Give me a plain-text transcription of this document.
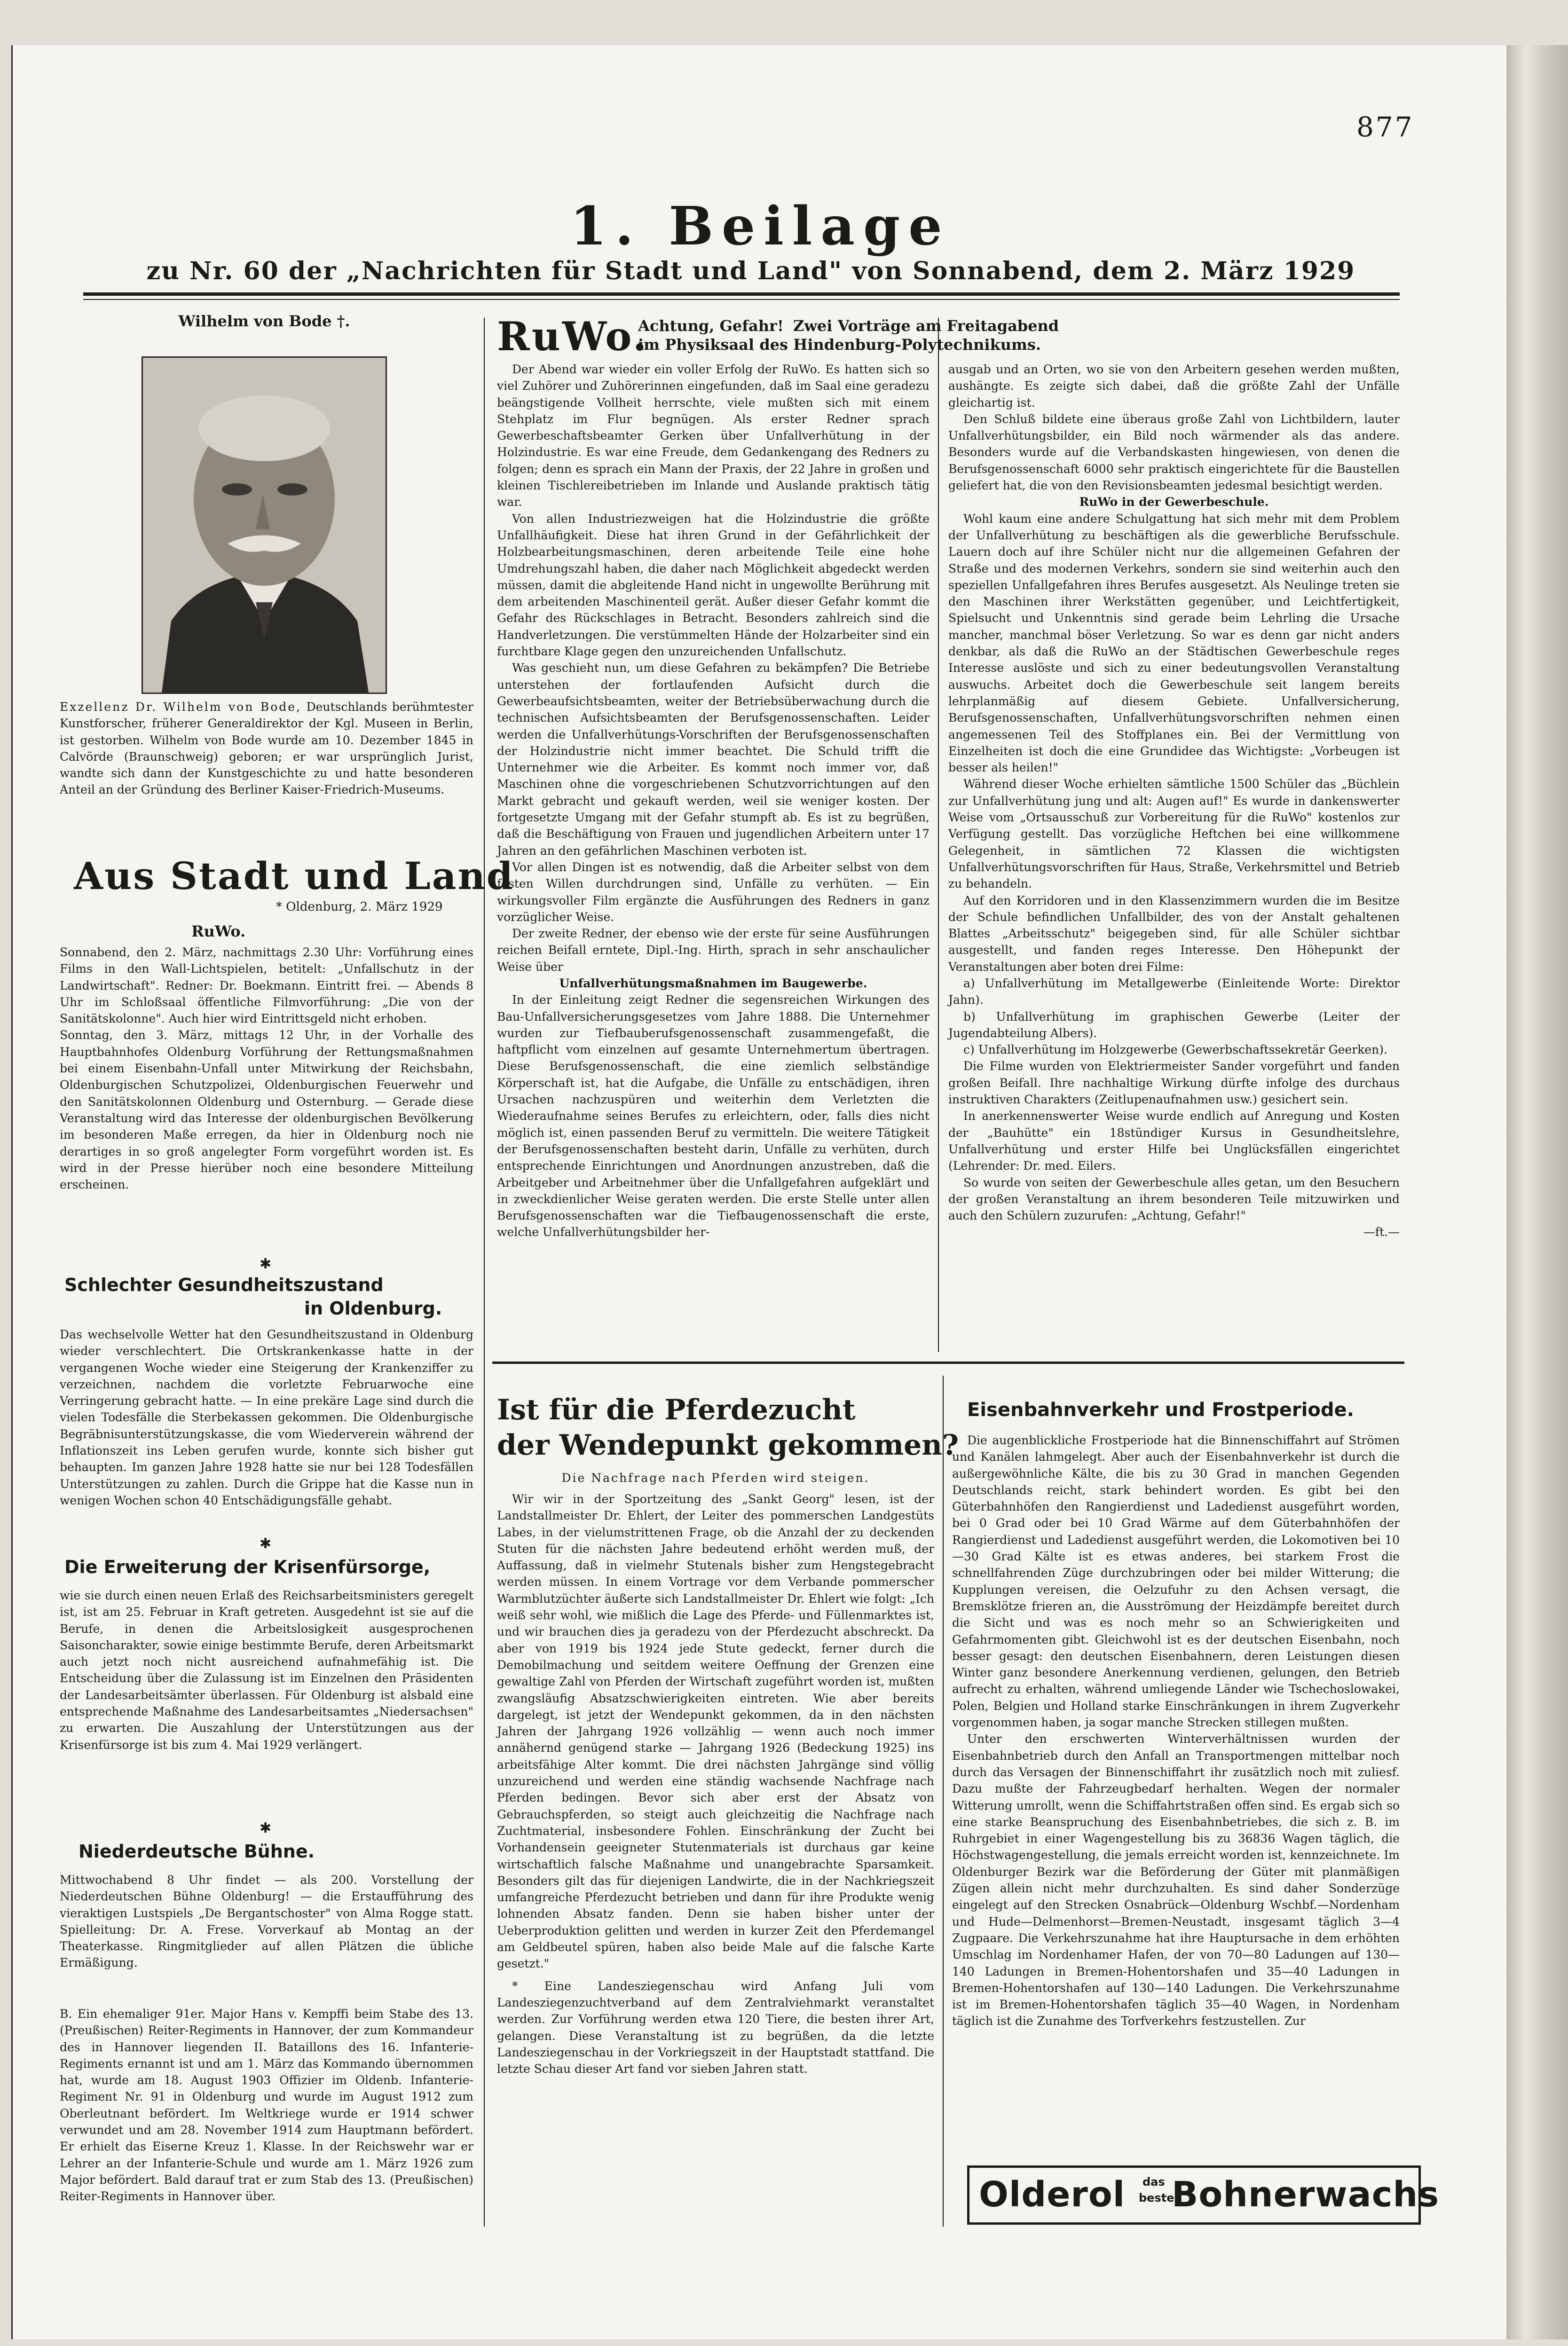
877
1. Beilage
zu Nr. 60 der „Nachrichten für Stadt und Land" von Sonnabend, dem 2. März 1929
Wilhelm von Bode †.

Exzellenz Dr. Wilhelm von Bode, Deutschlands berühmtester Kunstforscher, früherer Generaldirektor der Kgl. Museen in Berlin, ist gestorben. Wilhelm von Bode wurde am 10. Dezember 1845 in Calvörde (Braunschweig) geboren; er war ursprünglich Jurist, wandte sich dann der Kunstgeschichte zu und hatte besonderen Anteil an der Gründung des Berliner Kaiser-Friedrich-Museums.

Aus Stadt und Land
* Oldenburg, 2. März 1929
RuWo.

Sonnabend, den 2. März, nachmittags 2.30 Uhr: Vorführung eines Films in den Wall-Lichtspielen, betitelt: „Unfallschutz in der Landwirtschaft". Redner: Dr. Boekmann. Eintritt frei. — Abends 8 Uhr im Schloßsaal öffentliche Filmvorführung: „Die von der Sanitätskolonne". Auch hier wird Eintrittsgeld nicht erhoben.

Sonntag, den 3. März, mittags 12 Uhr, in der Vorhalle des Hauptbahnhofes Oldenburg Vorführung der Rettungsmaßnahmen bei einem Eisenbahn-Unfall unter Mitwirkung der Reichsbahn, Oldenburgischen Schutzpolizei, Oldenburgischen Feuerwehr und den Sanitätskolonnen Oldenburg und Osternburg. — Gerade diese Veranstaltung wird das Interesse der oldenburgischen Bevölkerung im besonderen Maße erregen, da hier in Oldenburg noch nie derartiges in so groß angelegter Form vorgeführt worden ist. Es wird in der Presse hierüber noch eine besondere Mitteilung erscheinen.

✱
Schlechter Gesundheitszustand
in Oldenburg.
Das wechselvolle Wetter hat den Gesundheitszustand in Oldenburg wieder verschlechtert. Die Ortskrankenkasse hatte in der vergangenen Woche wieder eine Steigerung der Krankenziffer zu verzeichnen, nachdem die vorletzte Februarwoche eine Verringerung gebracht hatte. — In eine prekäre Lage sind durch die vielen Todesfälle die Sterbekassen gekommen. Die Oldenburgische Begräbnisunterstützungskasse, die vom Wiederverein während der Inflationszeit ins Leben gerufen wurde, konnte sich bisher gut behaupten. Im ganzen Jahre 1928 hatte sie nur bei 128 Todesfällen Unterstützungen zu zahlen. Durch die Grippe hat die Kasse nun in wenigen Wochen schon 40 Entschädigungsfälle gehabt.
✱
Die Erweiterung der Krisenfürsorge,
wie sie durch einen neuen Erlaß des Reichsarbeitsministers geregelt ist, ist am 25. Februar in Kraft getreten. Ausgedehnt ist sie auf die Berufe, in denen die Arbeitslosigkeit ausgesprochenen Saisoncharakter, sowie einige bestimmte Berufe, deren Arbeitsmarkt auch jetzt noch nicht ausreichend aufnahmefähig ist. Die Entscheidung über die Zulassung ist im Einzelnen den Präsidenten der Landesarbeitsämter überlassen. Für Oldenburg ist alsbald eine entsprechende Maßnahme des Landesarbeitsamtes „Niedersachsen" zu erwarten. Die Auszahlung der Unterstützungen aus der Krisenfürsorge ist bis zum 4. Mai 1929 verlängert.
✱
Niederdeutsche Bühne.
Mittwochabend 8 Uhr findet — als 200. Vorstellung der Niederdeutschen Bühne Oldenburg! — die Erstaufführung des vieraktigen Lustspiels „De Bergantschoster" von Alma Rogge statt. Spielleitung: Dr. A. Frese. Vorverkauf ab Montag an der Theaterkasse. Ringmitglieder auf allen Plätzen die übliche Ermäßigung.
B. Ein ehemaliger 91er. Major Hans v. Kempffi beim Stabe des 13. (Preußischen) Reiter-Regiments in Hannover, der zum Kommandeur des in Hannover liegenden II. Bataillons des 16. Infanterie-Regiments ernannt ist und am 1. März das Kommando übernommen hat, wurde am 18. August 1903 Offizier im Oldenb. Infanterie-Regiment Nr. 91 in Oldenburg und wurde im August 1912 zum Oberleutnant befördert. Im Weltkriege wurde er 1914 schwer verwundet und am 28. November 1914 zum Hauptmann befördert. Er erhielt das Eiserne Kreuz 1. Klasse. In der Reichswehr war er Lehrer an der Infanterie-Schule und wurde am 1. März 1926 zum Major befördert. Bald darauf trat er zum Stab des 13. (Preußischen) Reiter-Regiments in Hannover über.
RuWo.
Achtung, Gefahr! Zwei Vorträge am Freitagabend
im Physiksaal des Hindenburg-Polytechnikums.

Der Abend war wieder ein voller Erfolg der RuWo. Es hatten sich so viel Zuhörer und Zuhörerinnen eingefunden, daß im Saal eine geradezu beängstigende Vollheit herrschte, viele mußten sich mit einem Stehplatz im Flur begnügen. Als erster Redner sprach Gewerbeschaftsbeamter Gerken über Unfallverhütung in der Holzindustrie. Es war eine Freude, dem Gedankengang des Redners zu folgen; denn es sprach ein Mann der Praxis, der 22 Jahre in großen und kleinen Tischlereibetrieben im Inlande und Auslande praktisch tätig war.

Von allen Industriezweigen hat die Holzindustrie die größte Unfallhäufigkeit. Diese hat ihren Grund in der Gefährlichkeit der Holzbearbeitungsmaschinen, deren arbeitende Teile eine hohe Umdrehungszahl haben, die daher nach Möglichkeit abgedeckt werden müssen, damit die abgleitende Hand nicht in ungewollte Berührung mit dem arbeitenden Maschinenteil gerät. Außer dieser Gefahr kommt die Gefahr des Rückschlages in Betracht. Besonders zahlreich sind die Handverletzungen. Die verstümmelten Hände der Holzarbeiter sind ein furchtbare Klage gegen den unzureichenden Unfallschutz.

Was geschieht nun, um diese Gefahren zu bekämpfen? Die Betriebe unterstehen der fortlaufenden Aufsicht durch die Gewerbeaufsichtsbeamten, weiter der Betriebsüberwachung durch die technischen Aufsichtsbeamten der Berufsgenossenschaften. Leider werden die Unfallverhütungs-Vorschriften der Berufsgenossenschaften der Holzindustrie nicht immer beachtet. Die Schuld trifft die Unternehmer wie die Arbeiter. Es kommt noch immer vor, daß Maschinen ohne die vorgeschriebenen Schutzvorrichtungen auf den Markt gebracht und gekauft werden, weil sie weniger kosten. Der fortgesetzte Umgang mit der Gefahr stumpft ab. Es ist zu begrüßen, daß die Beschäftigung von Frauen und jugendlichen Arbeitern unter 17 Jahren an den gefährlichen Maschinen verboten ist.

Vor allen Dingen ist es notwendig, daß die Arbeiter selbst von dem festen Willen durchdrungen sind, Unfälle zu verhüten. — Ein wirkungsvoller Film ergänzte die Ausführungen des Redners in ganz vorzüglicher Weise.

Der zweite Redner, der ebenso wie der erste für seine Ausführungen reichen Beifall erntete, Dipl.-Ing. Hirth, sprach in sehr anschaulicher Weise über

Unfallverhütungsmaßnahmen im Baugewerbe.

In der Einleitung zeigt Redner die segensreichen Wirkungen des Bau-Unfallversicherungsgesetzes vom Jahre 1888. Die Unternehmer wurden zur Tiefbauberufsgenossenschaft zusammengefaßt, die haftpflicht vom einzelnen auf gesamte Unternehmertum übertragen. Diese Berufsgenossenschaft, die eine ziemlich selbständige Körperschaft ist, hat die Aufgabe, die Unfälle zu entschädigen, ihren Ursachen nachzuspüren und weiterhin dem Verletzten die Wiederaufnahme seines Berufes zu erleichtern, oder, falls dies nicht möglich ist, einen passenden Beruf zu vermitteln. Die weitere Tätigkeit der Berufsgenossenschaften besteht darin, Unfälle zu verhüten, durch entsprechende Einrichtungen und Anordnungen anzustreben, daß die Arbeitgeber und Arbeitnehmer über die Unfallgefahren aufgeklärt und in zweckdienlicher Weise geraten werden. Die erste Stelle unter allen Berufsgenossenschaften war die Tiefbaugenossenschaft die erste, welche Unfallverhütungsbilder her-

ausgab und an Orten, wo sie von den Arbeitern gesehen werden mußten, aushängte. Es zeigte sich dabei, daß die größte Zahl der Unfälle gleichartig ist.

Den Schluß bildete eine überaus große Zahl von Lichtbildern, lauter Unfallverhütungsbilder, ein Bild noch wärmender als das andere. Besonders wurde auf die Verbandskasten hingewiesen, von denen die Berufsgenossenschaft 6000 sehr praktisch eingerichtete für die Baustellen geliefert hat, die von den Revisionsbeamten jedesmal besichtigt werden.

RuWo in der Gewerbeschule.

Wohl kaum eine andere Schulgattung hat sich mehr mit dem Problem der Unfallverhütung zu beschäftigen als die gewerbliche Berufsschule. Lauern doch auf ihre Schüler nicht nur die allgemeinen Gefahren der Straße und des modernen Verkehrs, sondern sie sind weiterhin auch den speziellen Unfallgefahren ihres Berufes ausgesetzt. Als Neulinge treten sie den Maschinen ihrer Werkstätten gegenüber, und Leichtfertigkeit, Spielsucht und Unkenntnis sind gerade beim Lehrling die Ursache mancher, manchmal böser Verletzung. So war es denn gar nicht anders denkbar, als daß die RuWo an der Städtischen Gewerbeschule reges Interesse auslöste und sich zu einer bedeutungsvollen Veranstaltung auswuchs. Arbeitet doch die Gewerbeschule seit langem bereits lehrplanmäßig auf diesem Gebiete. Unfallversicherung, Berufsgenossenschaften, Unfallverhütungsvorschriften nehmen einen angemessenen Teil des Stoffplanes ein. Bei der Vermittlung von Einzelheiten ist doch die eine Grundidee das Wichtigste: „Vorbeugen ist besser als heilen!"

Während dieser Woche erhielten sämtliche 1500 Schüler das „Büchlein zur Unfallverhütung jung und alt: Augen auf!" Es wurde in dankenswerter Weise vom „Ortsausschuß zur Vorbereitung für die RuWo" kostenlos zur Verfügung gestellt. Das vorzügliche Heftchen bei eine willkommene Gelegenheit, in sämtlichen 72 Klassen die wichtigsten Unfallverhütungsvorschriften für Haus, Straße, Verkehrsmittel und Betrieb zu behandeln.

Auf den Korridoren und in den Klassenzimmern wurden die im Besitze der Schule befindlichen Unfallbilder, des von der Anstalt gehaltenen Blattes „Arbeitsschutz" beigegeben sind, für alle Schüler sichtbar ausgestellt, und fanden reges Interesse. Den Höhepunkt der Veranstaltungen aber boten drei Filme:

a) Unfallverhütung im Metallgewerbe (Einleitende Worte: Direktor Jahn).

b) Unfallverhütung im graphischen Gewerbe (Leiter der Jugendabteilung Albers).

c) Unfallverhütung im Holzgewerbe (Gewerbschaftssekretär Geerken).

Die Filme wurden von Elektriermeister Sander vorgeführt und fanden großen Beifall. Ihre nachhaltige Wirkung dürfte infolge des durchaus instruktiven Charakters (Zeitlupenaufnahmen usw.) gesichert sein.

In anerkennenswerter Weise wurde endlich auf Anregung und Kosten der „Bauhütte" ein 18stündiger Kursus in Gesundheitslehre, Unfallverhütung und erster Hilfe bei Unglücksfällen eingerichtet (Lehrender: Dr. med. Eilers.

So wurde von seiten der Gewerbeschule alles getan, um den Besuchern der großen Veranstaltung an ihrem besonderen Teile mitzuwirken und auch den Schülern zuzurufen: „Achtung, Gefahr!"

—ft.—

Ist für die Pferdezucht
der Wendepunkt gekommen?
Die Nachfrage nach Pferden wird steigen.

Wir wir in der Sportzeitung des „Sankt Georg" lesen, ist der Landstallmeister Dr. Ehlert, der Leiter des pommerschen Landgestüts Labes, in der vielumstrittenen Frage, ob die Anzahl der zu deckenden Stuten für die nächsten Jahre bedeutend erhöht werden muß, der Auffassung, daß in vielmehr Stutenals bisher zum Hengstegebracht werden müssen. In einem Vortrage vor dem Verbande pommerscher Warmblutzüchter äußerte sich Landstallmeister Dr. Ehlert wie folgt: „Ich weiß sehr wohl, wie mißlich die Lage des Pferde- und Füllenmarktes ist, und wir brauchen dies ja geradezu von der Pferdezucht abschreckt. Da aber von 1919 bis 1924 jede Stute gedeckt, ferner durch die Demobilmachung und seitdem weitere Oeffnung der Grenzen eine gewaltige Zahl von Pferden der Wirtschaft zugeführt worden ist, mußten zwangsläufig Absatzschwierigkeiten eintreten. Wie aber bereits dargelegt, ist jetzt der Wendepunkt gekommen, da in den nächsten Jahren der Jahrgang 1926 vollzählig — wenn auch noch immer annähernd genügend starke — Jahrgang 1926 (Bedeckung 1925) ins arbeitsfähige Alter kommt. Die drei nächsten Jahrgänge sind völlig unzureichend und werden eine ständig wachsende Nachfrage nach Pferden bedingen. Bevor sich aber erst der Absatz von Gebrauchspferden, so steigt auch gleichzeitig die Nachfrage nach Zuchtmaterial, insbesondere Fohlen. Einschränkung der Zucht bei Vorhandensein geeigneter Stutenmaterials ist durchaus gar keine wirtschaftlich falsche Maßnahme und unangebrachte Sparsamkeit. Besonders gilt das für diejenigen Landwirte, die in der Nachkriegszeit umfangreiche Pferdezucht betrieben und dann für ihre Produkte wenig lohnenden Absatz fanden. Denn sie haben bisher unter der Ueberproduktion gelitten und werden in kurzer Zeit den Pferdemangel am Geldbeutel spüren, haben also beide Male auf die falsche Karte gesetzt."

* Eine Landesziegenschau wird Anfang Juli vom Landesziegenzuchtverband auf dem Zentralviehmarkt veranstaltet werden. Zur Vorführung werden etwa 120 Tiere, die besten ihrer Art, gelangen. Diese Veranstaltung ist zu begrüßen, da die letzte Landesziegenschau in der Vorkriegszeit in der Hauptstadt stattfand. Die letzte Schau dieser Art fand vor sieben Jahren statt.

Eisenbahnverkehr und Frostperiode.

Die augenblickliche Frostperiode hat die Binnenschiffahrt auf Strömen und Kanälen lahmgelegt. Aber auch der Eisenbahnverkehr ist durch die außergewöhnliche Kälte, die bis zu 30 Grad in manchen Gegenden Deutschlands reicht, stark behindert worden. Es gibt bei den Güterbahnhöfen den Rangierdienst und Ladedienst ausgeführt worden, bei 0 Grad oder bei 10 Grad Wärme auf dem Güterbahnhöfen der Rangierdienst und Ladedienst ausgeführt werden, die Lokomotiven bei 10—30 Grad Kälte ist es etwas anderes, bei starkem Frost die schnellfahrenden Züge durchzubringen oder bei milder Witterung; die Kupplungen vereisen, die Oelzufuhr zu den Achsen versagt, die Bremsklötze frieren an, die Ausströmung der Heizdämpfe bereitet durch die Sicht und was es noch mehr so an Schwierigkeiten und Gefahrmomenten gibt. Gleichwohl ist es der deutschen Eisenbahn, noch besser gesagt: den deutschen Eisenbahnern, deren Leistungen diesen Winter ganz besondere Anerkennung verdienen, gelungen, den Betrieb aufrecht zu erhalten, während umliegende Länder wie Tschechoslowakei, Polen, Belgien und Holland starke Einschränkungen in ihrem Zugverkehr vorgenommen haben, ja sogar manche Strecken stillegen mußten.

Unter den erschwerten Winterverhältnissen wurden der Eisenbahnbetrieb durch den Anfall an Transportmengen mittelbar noch durch das Versagen der Binnenschiffahrt ihr zusätzlich noch mit zuliesf. Dazu mußte der Fahrzeugbedarf herhalten. Wegen der normaler Witterung umrollt, wenn die Schiffahrtstraßen offen sind. Es ergab sich so eine starke Beanspruchung des Eisenbahnbetriebes, die sich z. B. im Ruhrgebiet in einer Wagengestellung bis zu 36836 Wagen täglich, die Höchstwagengestellung, die jemals erreicht worden ist, kennzeichnete. Im Oldenburger Bezirk war die Beförderung der Güter mit planmäßigen Zügen allein nicht mehr durchzuhalten. Es sind daher Sonderzüge eingelegt auf den Strecken Osnabrück—Oldenburg Wschbf.—Nordenham und Hude—Delmenhorst—Bremen-Neustadt, insgesamt täglich 3—4 Zugpaare. Die Verkehrszunahme hat ihre Hauptursache in dem erhöhten Umschlag im Nordenhamer Hafen, der von 70—80 Ladungen auf 130—140 Ladungen in Bremen-Hohentorshafen und 35—40 Ladungen in Bremen-Hohentorshafen auf 130—140 Ladungen. Die Verkehrszunahme ist im Bremen-Hohentorshafen täglich 35—40 Wagen, in Nordenham täglich ist die Zunahme des Torfverkehrs festzustellen. Zur

Olderol das
beste
Bohnerwachs
